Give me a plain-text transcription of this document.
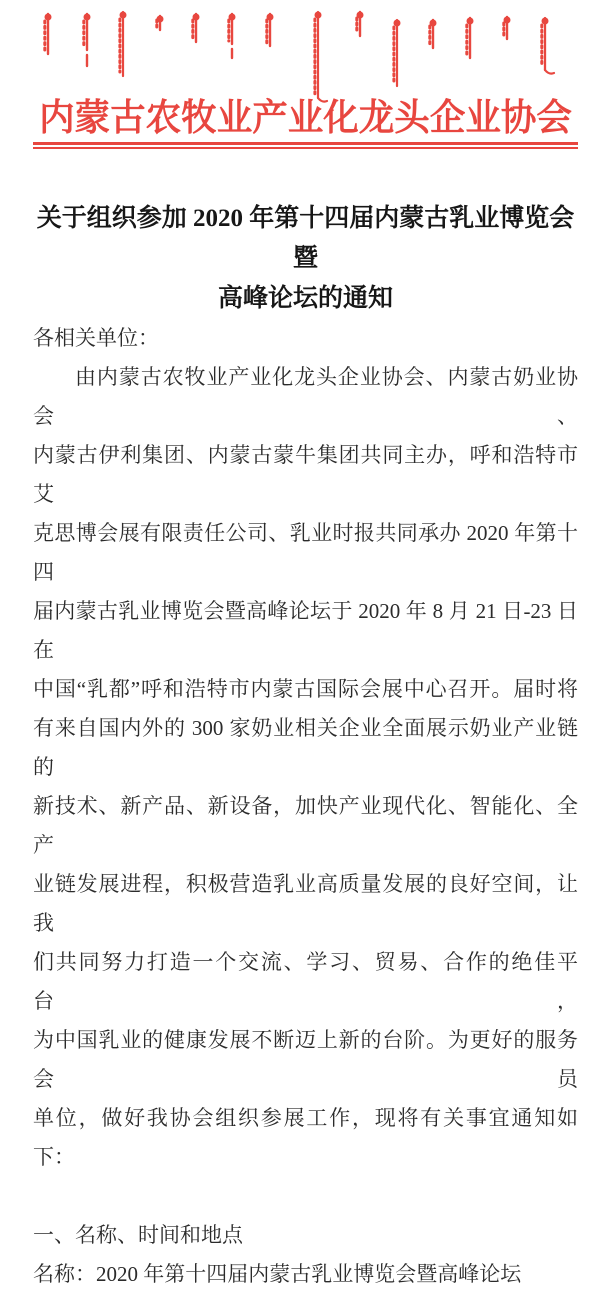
内蒙古农牧业产业化龙头企业协会
关于组织参加 2020 年第十四届内蒙古乳业博览会暨
高峰论坛的通知

各相关单位：

由内蒙古农牧业产业化龙头企业协会、内蒙古奶业协会、
内蒙古伊利集团、内蒙古蒙牛集团共同主办，呼和浩特市艾
克思博会展有限责任公司、乳业时报共同承办 2020 年第十四
届内蒙古乳业博览会暨高峰论坛于 2020 年 8 月 21 日-23 日在
中国“乳都”呼和浩特市内蒙古国际会展中心召开。届时将
有来自国内外的 300 家奶业相关企业全面展示奶业产业链的
新技术、新产品、新设备，加快产业现代化、智能化、全产
业链发展进程，积极营造乳业高质量发展的良好空间，让我
们共同努力打造一个交流、学习、贸易、合作的绝佳平台，
为中国乳业的健康发展不断迈上新的台阶。为更好的服务会员
单位，做好我协会组织参展工作，现将有关事宜通知如下：

一、名称、时间和地点

名称：2020 年第十四届内蒙古乳业博览会暨高峰论坛
